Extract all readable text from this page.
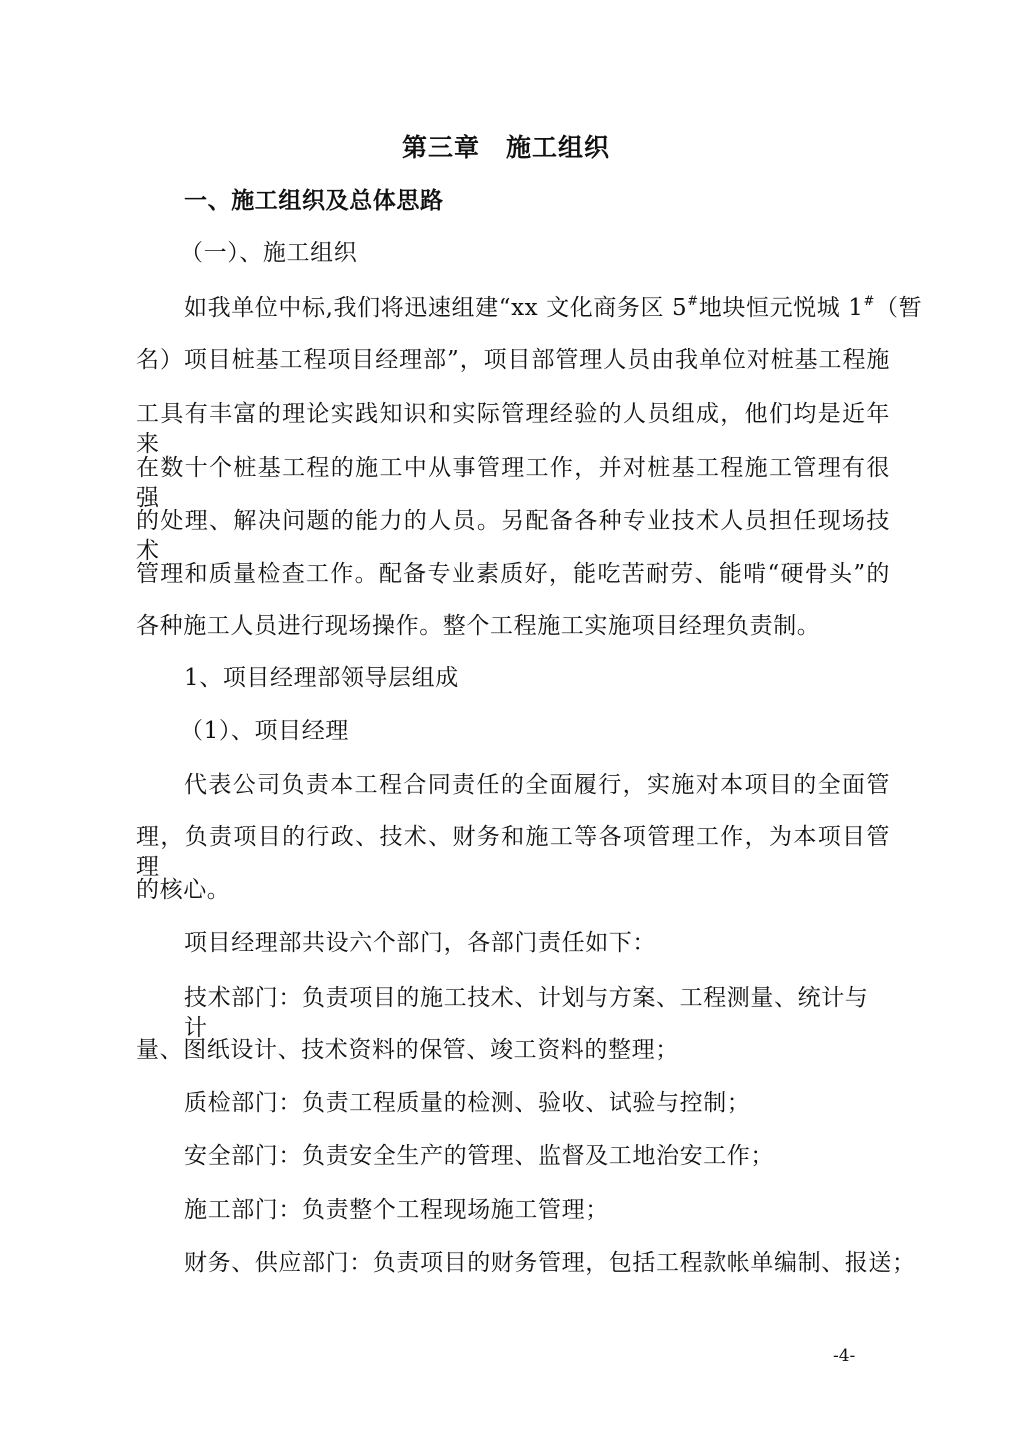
第三章 施工组织
一、施工组织及总体思路
（一）、施工组织
如我单位中标,我们将迅速组建“xx 文化商务区 5#地块恒元悦城 1#（暂
名）项目桩基工程项目经理部”，项目部管理人员由我单位对桩基工程施
工具有丰富的理论实践知识和实际管理经验的人员组成，他们均是近年来
在数十个桩基工程的施工中从事管理工作，并对桩基工程施工管理有很强
的处理、解决问题的能力的人员。另配备各种专业技术人员担任现场技术
管理和质量检查工作。配备专业素质好，能吃苦耐劳、能啃“硬骨头”的
各种施工人员进行现场操作。整个工程施工实施项目经理负责制。
1、项目经理部领导层组成
（1）、项目经理
代表公司负责本工程合同责任的全面履行，实施对本项目的全面管
理，负责项目的行政、技术、财务和施工等各项管理工作，为本项目管理
的核心。
项目经理部共设六个部门，各部门责任如下：
技术部门：负责项目的施工技术、计划与方案、工程测量、统计与计
量、图纸设计、技术资料的保管、竣工资料的整理；
质检部门：负责工程质量的检测、验收、试验与控制；
安全部门：负责安全生产的管理、监督及工地治安工作；
施工部门：负责整个工程现场施工管理；
财务、供应部门：负责项目的财务管理，包括工程款帐单编制、报送；
-4-
